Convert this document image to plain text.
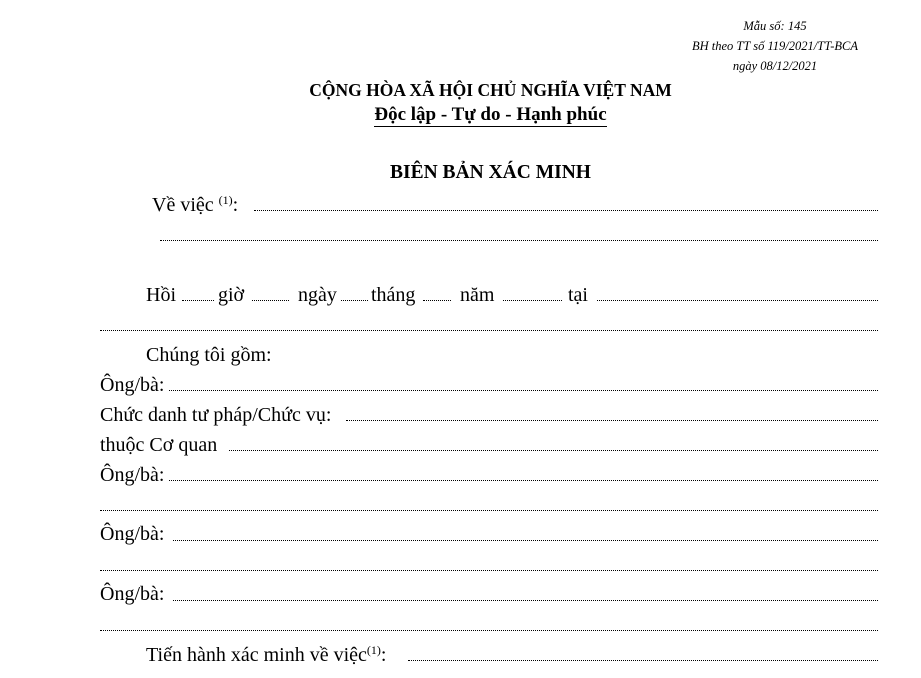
Mẫu số: 145
BH theo TT số 119/2021/TT-BCA
ngày 08/12/2021
CỘNG HÒA XÃ HỘI CHỦ NGHĨA VIỆT NAM
Độc lập - Tự do - Hạnh phúc
BIÊN BẢN XÁC MINH
Về việc $^{(1)}$:
Hồi giờ	ngày tháng năm	tại
Chúng tôi gồm:
Ông/bà:
Chức danh tư pháp/Chức vụ:
thuộc Cơ quan
Ông/bà:
Ông/bà:
Ông/bà:
Tiến hành xác minh về việc$^{(1)}$:
